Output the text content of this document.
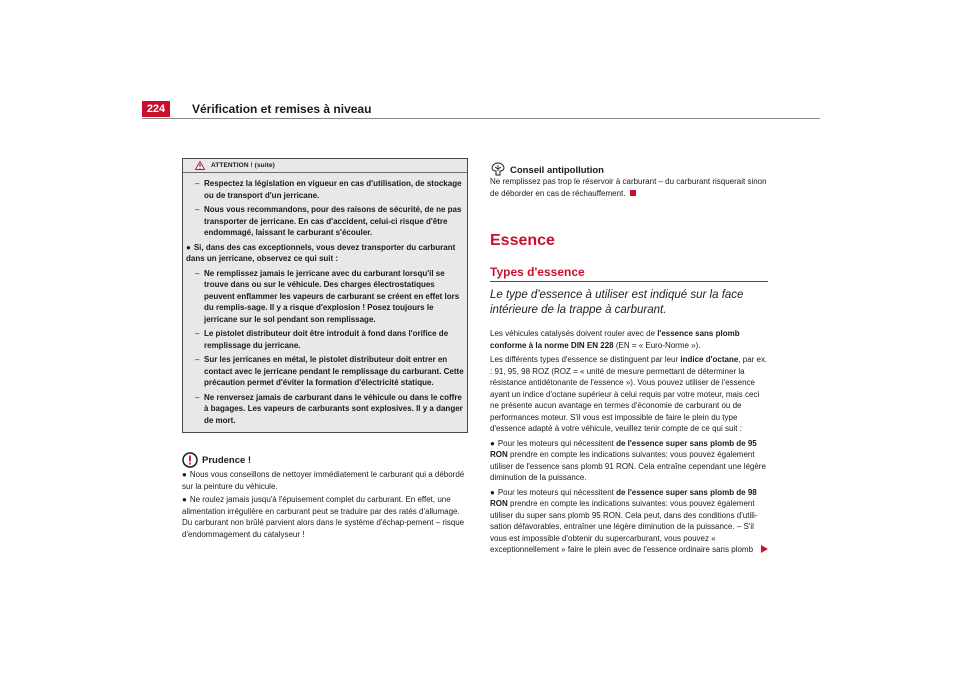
224	Vérification et remises à niveau
ATTENTION ! (suite)
– Respectez la législation en vigueur en cas d'utilisation, de stockage ou de transport d'un jerricane.
– Nous vous recommandons, pour des raisons de sécurité, de ne pas transporter de jerricane. En cas d'accident, celui-ci risque d'être endommagé, laissant le carburant s'écouler.
● Si, dans des cas exceptionnels, vous devez transporter du carburant dans un jerricane, observez ce qui suit :
– Ne remplissez jamais le jerricane avec du carburant lorsqu'il se trouve dans ou sur le véhicule. Des charges électrostatiques peuvent enflammer les vapeurs de carburant se créent en effet lors du remplis-sage. Il y a risque d'explosion ! Posez toujours le jerricane sur le sol pendant son remplissage.
– Le pistolet distributeur doit être introduit à fond dans l'orifice de remplissage du jerricane.
– Sur les jerricanes en métal, le pistolet distributeur doit entrer en contact avec le jerricane pendant le remplissage du carburant. Cette précaution permet d'éviter la formation d'électricité statique.
– Ne renversez jamais de carburant dans le véhicule ou dans le coffre à bagages. Les vapeurs de carburants sont explosives. Il y a danger de mort.
Prudence !

● Nous vous conseillons de nettoyer immédiatement le carburant qui a débordé sur la peinture du véhicule.

● Ne roulez jamais jusqu'à l'épuisement complet du carburant. En effet, une alimentation irrégulière en carburant peut se traduire par des ratés d'allumage. Du carburant non brûlé parvient alors dans le système d'échap-pement – risque d'endommagement du catalyseur !

Conseil antipollution

Ne remplissez pas trop le réservoir à carburant – du carburant risquerait sinon de déborder en cas de réchauffement.

Essence
Types d'essence
Le type d'essence à utiliser est indiqué sur la face intérieure de la trappe à carburant.

Les véhicules catalysés doivent rouler avec de l'essence sans plomb conforme à la norme DIN EN 228 (EN = « Euro-Norme »).

Les différents types d'essence se distinguent par leur indice d'octane, par ex. : 91, 95, 98 ROZ (ROZ = « unité de mesure permettant de déterminer la résistance antidétonante de l'essence »). Vous pouvez utiliser de l'essence ayant un indice d'octane supérieur à celui requis par votre moteur, mais ceci ne présente aucun avantage en termes d'économie de carburant ou de performances moteur. S'il vous est impossible de faire le plein du type d'essence adapté à votre véhicule, veuillez tenir compte de ce qui suit :

● Pour les moteurs qui nécessitent de l'essence super sans plomb de 95 RON prendre en compte les indications suivantes: vous pouvez également utiliser de l'essence sans plomb 91 RON. Cela entraîne cependant une légère diminution de la puissance.

● Pour les moteurs qui nécessitent de l'essence super sans plomb de 98 RON prendre en compte les indications suivantes: vous pouvez également utiliser du super sans plomb 95 RON. Cela peut, dans des conditions d'utili-sation défavorables, entraîner une légère diminution de la puissance. – S'il vous est impossible d'obtenir du supercarburant, vous pouvez « exceptionnellement » faire le plein avec de l'essence ordinaire sans plomb
